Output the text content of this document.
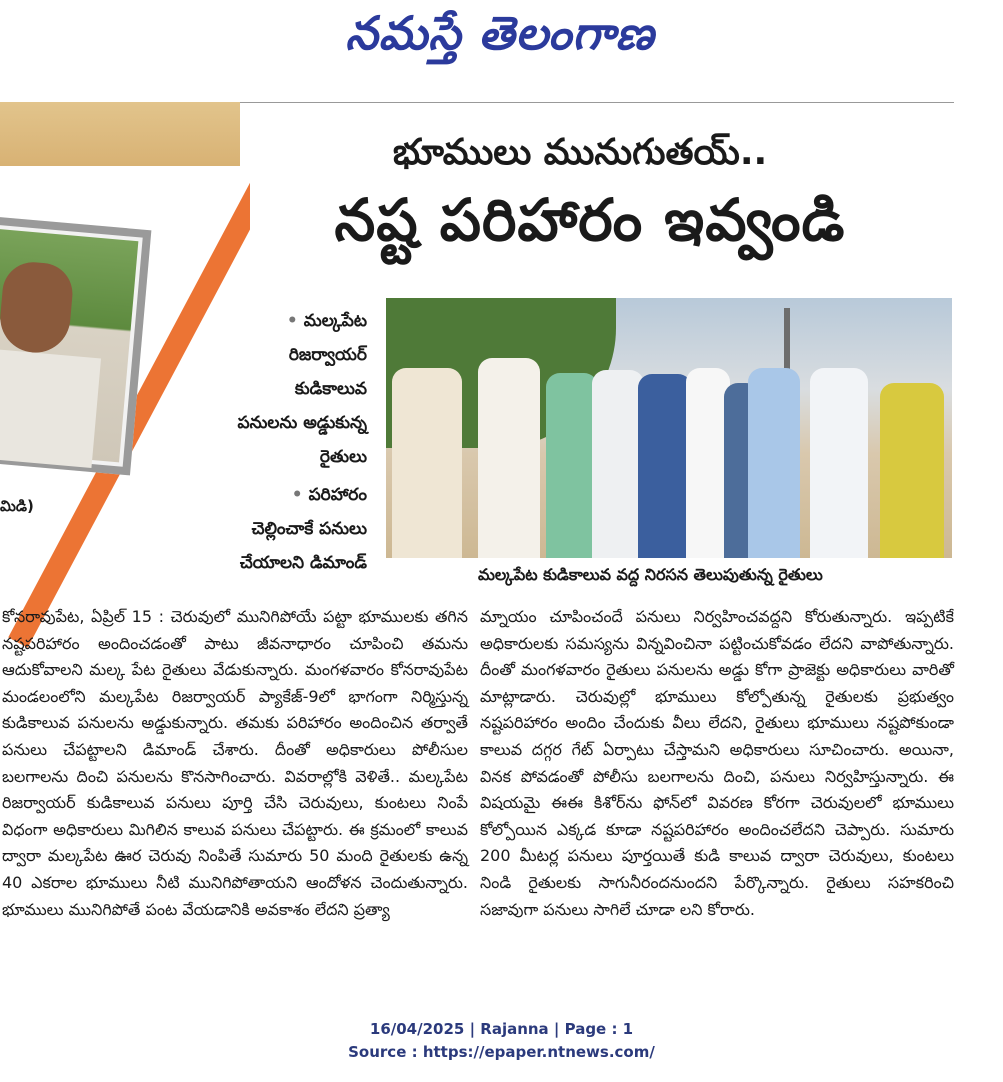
నమస్తే తెలంగాణ
మిడి)
భూములు మునుగుతయ్..
నష్ట పరిహారం ఇవ్వండి
• మల్కపేట రిజర్వాయర్ కుడికాలువ పనులను అడ్డుకున్న రైతులు
• పరిహారం చెల్లించాకే పనులు చేయాలని డిమాండ్
మల్కపేట కుడికాలువ వద్ద నిరసన తెలుపుతున్న రైతులు

కోనరావుపేట, ఏప్రిల్ 15 : చెరువులో మునిగిపోయే పట్టా భూములకు తగిన నష్టపరిహారం అందించడంతో పాటు జీవనాధారం చూపించి తమను ఆదుకోవాలని మల్క పేట రైతులు వేడుకున్నారు. మంగళవారం కోనరావుపేట మండలంలోని మల్కపేట రిజర్వాయర్ ప్యాకేజ్-9లో భాగంగా నిర్మిస్తున్న కుడికాలువ పనులను అడ్డుకున్నారు. తమకు పరిహారం అందించిన తర్వాతే పనులు చేపట్టాలని డిమాండ్ చేశారు. దీంతో అధికారులు పోలీసుల బలగాలను దించి పనులను కొనసాగించారు. వివరాల్లోకి వెళితే.. మల్కపేట రిజర్వాయర్ కుడికాలువ పనులు పూర్తి చేసి చెరువులు, కుంటలు నింపే విధంగా అధికారులు మిగిలిన కాలువ పనులు చేపట్టారు. ఈ క్రమంలో కాలువ ద్వారా మల్కపేట ఊర చెరువు నింపితే సుమారు 50 మంది రైతులకు ఉన్న 40 ఎకరాల భూములు నీటి మునిగిపోతాయని ఆందోళన చెందుతున్నారు. భూములు మునిగిపోతే పంట వేయడానికి అవకాశం లేదని ప్రత్యా

మ్నాయం చూపించందే పనులు నిర్వహించవద్దని కోరుతున్నారు. ఇప్పటికే అధికారులకు సమస్యను విన్నవించినా పట్టించుకోవడం లేదని వాపోతున్నారు. దీంతో మంగళవారం రైతులు పనులను అడ్డు కోగా ప్రాజెక్టు అధికారులు వారితో మాట్లాడారు. చెరువుల్లో భూములు కోల్పోతున్న రైతులకు ప్రభుత్వం నష్టపరిహారం అందిం చేందుకు వీలు లేదని, రైతులు భూములు నష్టపోకుండా కాలువ దగ్గర గేట్ ఏర్పాటు చేస్తామని అధికారులు సూచించారు. అయినా, వినక పోవడంతో పోలీసు బలగాలను దించి, పనులు నిర్వహిస్తున్నారు. ఈ విషయమై ఈఈ కిశోర్‌ను ఫోన్‌లో వివరణ కోరగా చెరువులలో భూములు కోల్పోయిన ఎక్కడ కూడా నష్టపరిహారం అందించలేదని చెప్పారు. సుమారు 200 మీటర్ల పనులు పూర్తయితే కుడి కాలువ ద్వారా చెరువులు, కుంటలు నిండి రైతులకు సాగునీరందనుందని పేర్కొన్నారు. రైతులు సహకరించి సజావుగా పనులు సాగిలే చూడా లని కోరారు.

16/04/2025 | Rajanna | Page : 1
Source : https://epaper.ntnews.com/
